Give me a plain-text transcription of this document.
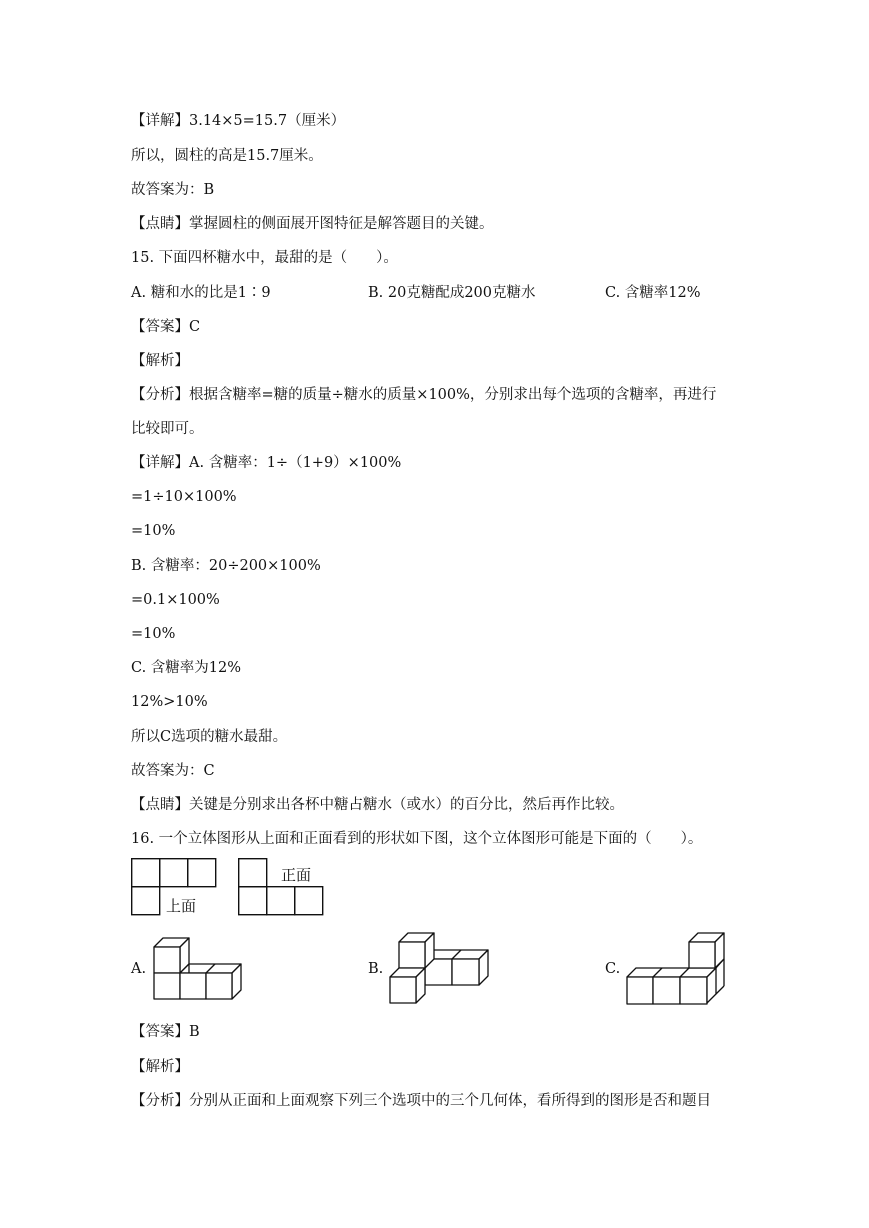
【详解】3.14×5=15.7（厘米）
所以，圆柱的高是15.7厘米。
故答案为：B
【点睛】掌握圆柱的侧面展开图特征是解答题目的关键。
15. 下面四杯糖水中，最甜的是（　　）。
A. 糖和水的比是1∶9	B. 20克糖配成200克糖水	C. 含糖率12%
【答案】C
【解析】
【分析】根据含糖率=糖的质量÷糖水的质量×100%，分别求出每个选项的含糖率，再进行
比较即可。
【详解】A. 含糖率：1÷（1+9）×100%
=1÷10×100%
=10%
B. 含糖率：20÷200×100%
=0.1×100%
=10%
C. 含糖率为12%
12%>10%
所以C选项的糖水最甜。
故答案为：C
【点睛】关键是分别求出各杯中糖占糖水（或水）的百分比，然后再作比较。
16. 一个立体图形从上面和正面看到的形状如下图，这个立体图形可能是下面的（　　）。
上面
正面
A.	B.	C.
【答案】B
【解析】
【分析】分别从正面和上面观察下列三个选项中的三个几何体，看所得到的图形是否和题目
